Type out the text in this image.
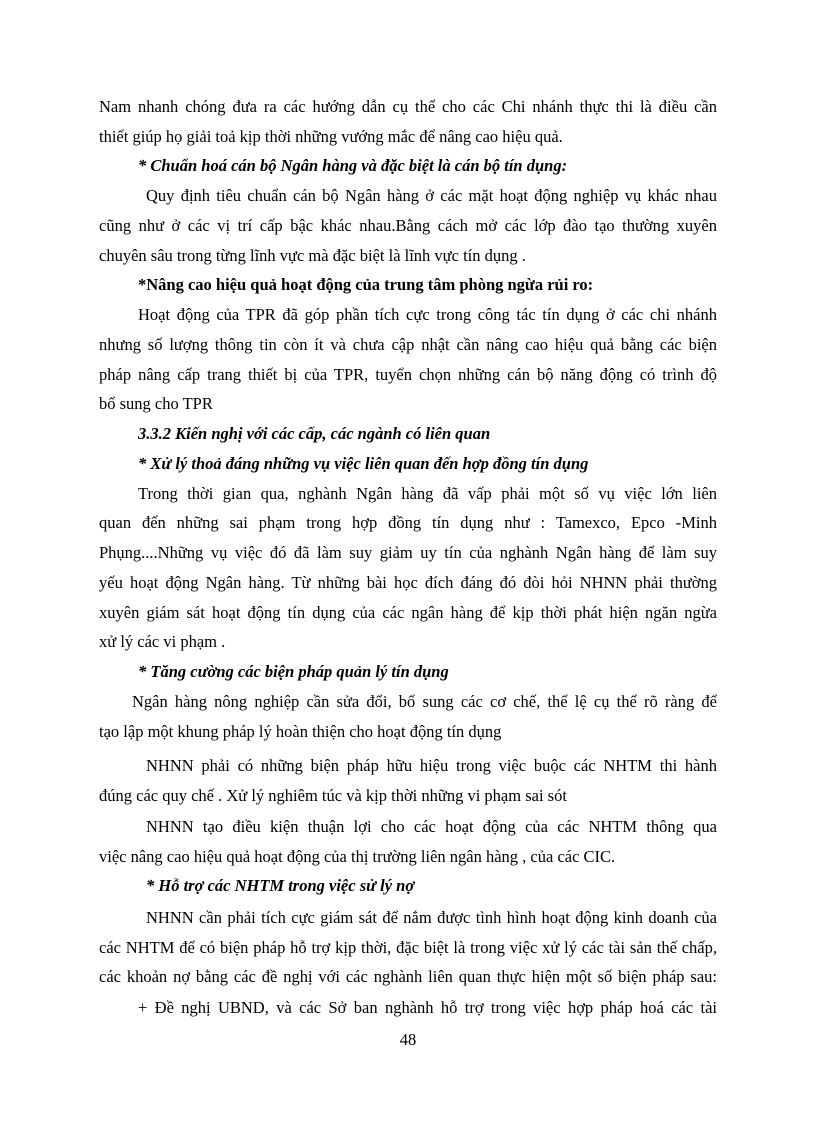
Nam nhanh chóng đưa ra các hướng dẫn cụ thể cho các Chi nhánh thực thi là điều cần
thiết giúp họ giải toả kịp thời những vướng mắc để nâng cao hiệu quả.
* Chuẩn hoá cán bộ Ngân hàng và đặc biệt là cán bộ tín dụng:
Quy định tiêu chuẩn cán bộ Ngân hàng ở các mặt hoạt động nghiệp vụ khác nhau
cũng như ở các vị trí cấp bậc khác nhau.Bằng cách mở các lớp đào tạo thường xuyên
chuyên sâu trong từng lĩnh vực mà đặc biệt là lĩnh vực tín dụng .
*Nâng cao hiệu quả hoạt động của trung tâm phòng ngừa rủi ro:
Hoạt động của TPR đã góp phần tích cực trong công tác tín dụng ở các chi nhánh
nhưng số lượng thông tin còn ít và chưa cập nhật cần nâng cao hiệu quả bằng các biện
pháp nâng cấp trang thiết bị của TPR, tuyển chọn những cán bộ năng động có trình độ
bổ sung cho TPR
3.3.2 Kiến nghị với các cấp, các ngành có liên quan
* Xử lý thoả đáng những vụ việc liên quan đến hợp đồng tín dụng
Trong thời gian qua, nghành Ngân hàng đã vấp phải một số vụ việc lớn liên
quan đến những sai phạm trong hợp đồng tín dụng như : Tamexco, Epco -Minh
Phụng....Những vụ việc đó đã làm suy giảm uy tín của nghành Ngân hàng để làm suy
yếu hoạt động Ngân hàng. Từ những bài học đích đáng đó đòi hỏi NHNN phải thường
xuyên giám sát hoạt động tín dụng của các ngân hàng để kịp thời phát hiện ngăn ngừa
xử lý các vi phạm .
* Tăng cường các biện pháp quản lý tín dụng
Ngân hàng nông nghiệp cần sửa đổi, bổ sung các cơ chế, thể lệ cụ thể rõ ràng để
tạo lập một khung pháp lý hoàn thiện cho hoạt động tín dụng
NHNN phải có những biện pháp hữu hiệu trong việc buộc các NHTM thi hành
đúng các quy chế . Xử lý nghiêm túc và kịp thời những vi phạm sai sót
NHNN tạo điều kiện thuận lợi cho các hoạt động của các NHTM thông qua
việc nâng cao hiệu quả hoạt động của thị trường liên ngân hàng , của các CIC.
* Hỗ trợ các NHTM trong việc sử lý nợ
NHNN cần phải tích cực giám sát để nắm được tình hình hoạt động kinh doanh của
các NHTM để có biện pháp hỗ trợ kịp thời, đặc biệt là trong việc xử lý các tài sản thế chấp,
các khoản nợ bằng các đề nghị với các nghành liên quan thực hiện một số biện pháp sau:
+ Đề nghị UBND, và các Sở ban nghành hỗ trợ trong việc hợp pháp hoá các tài
48
